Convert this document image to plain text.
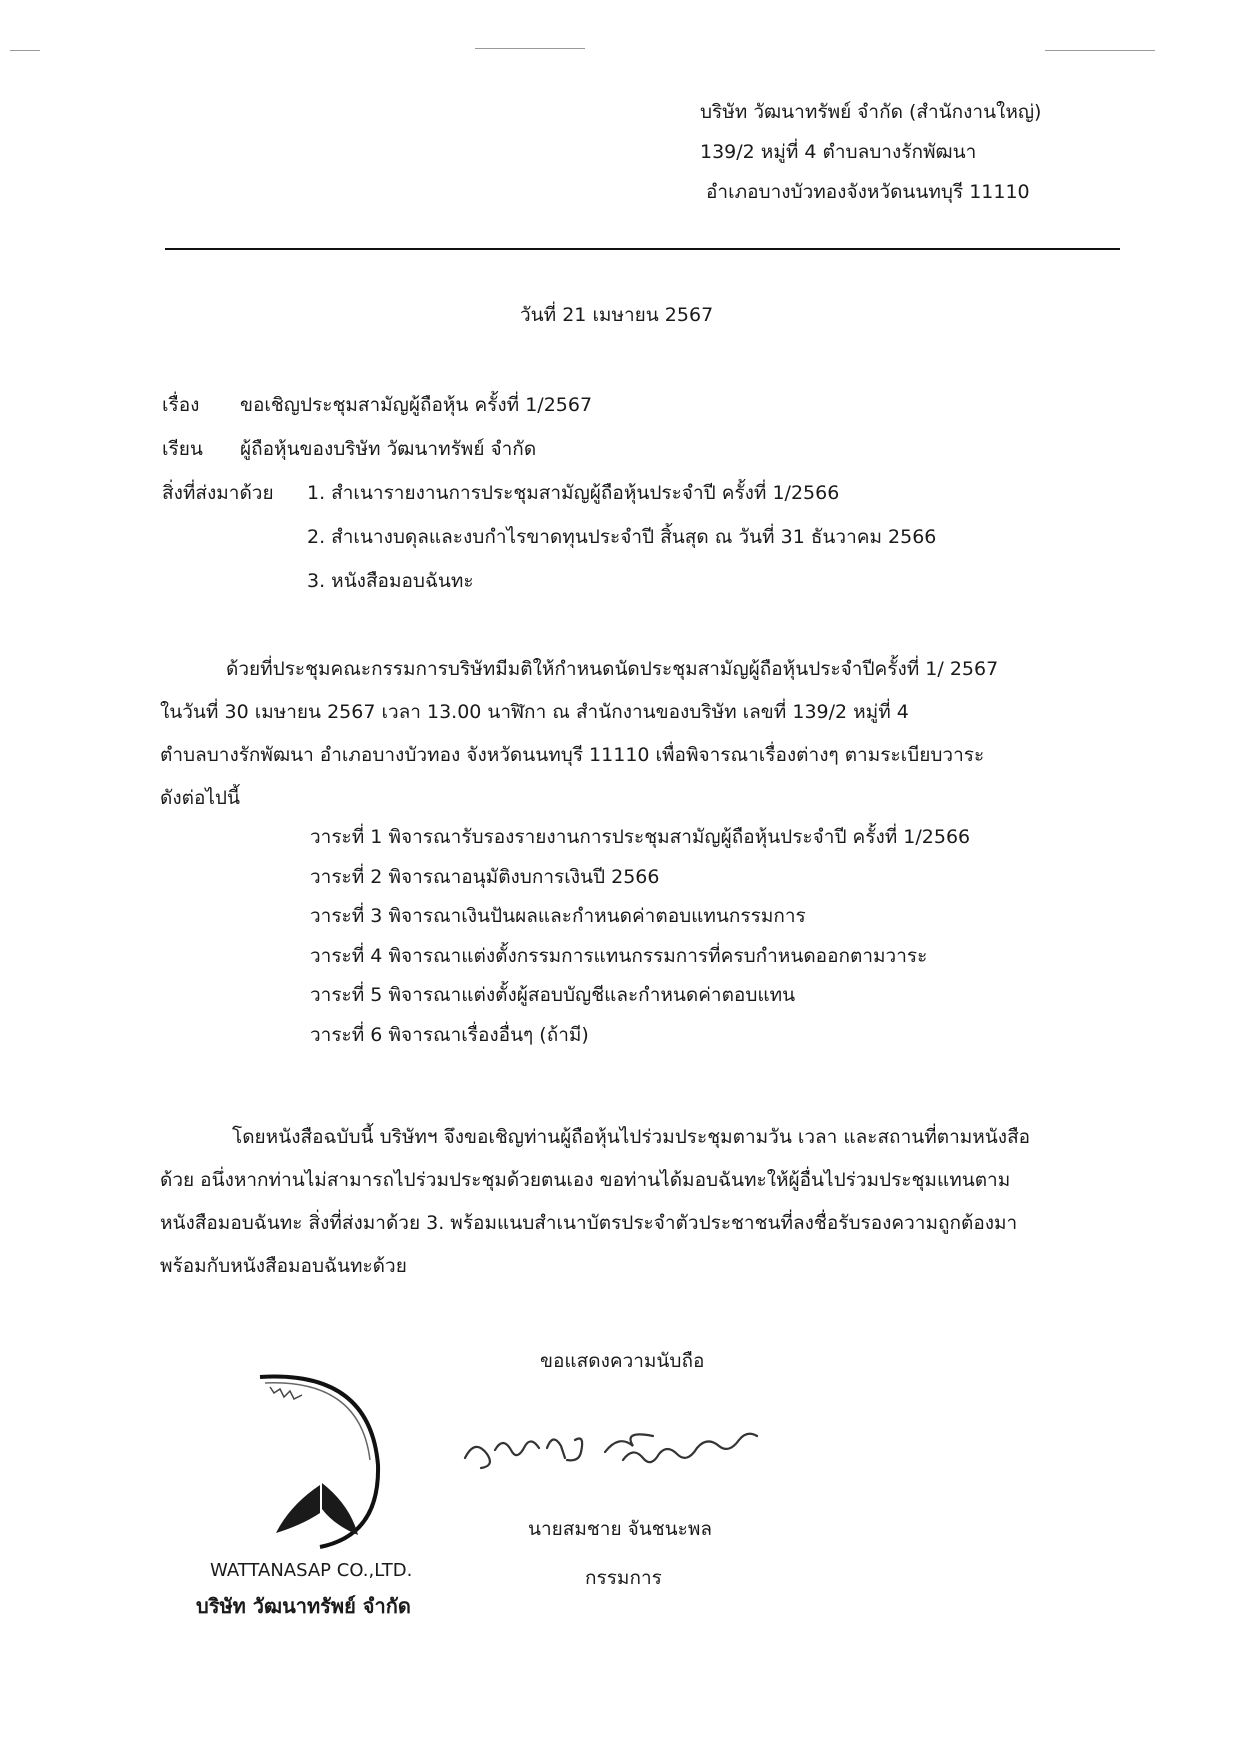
บริษัท วัฒนาทรัพย์ จำกัด (สำนักงานใหญ่)
139/2 หมู่ที่ 4 ตำบลบางรักพัฒนา
อำเภอบางบัวทองจังหวัดนนทบุรี 11110
วันที่ 21 เมษายน 2567
เรื่อง ขอเชิญประชุมสามัญผู้ถือหุ้น ครั้งที่ 1/2567
เรียน ผู้ถือหุ้นของบริษัท วัฒนาทรัพย์ จำกัด
สิ่งที่ส่งมาด้วย 1. สำเนารายงานการประชุมสามัญผู้ถือหุ้นประจำปี ครั้งที่ 1/2566
2. สำเนางบดุลและงบกำไรขาดทุนประจำปี สิ้นสุด ณ วันที่ 31 ธันวาคม 2566
3. หนังสือมอบฉันทะ

ด้วยที่ประชุมคณะกรรมการบริษัทมีมติให้กำหนดนัดประชุมสามัญผู้ถือหุ้นประจำปีครั้งที่ 1/ 2567

ในวันที่ 30 เมษายน 2567 เวลา 13.00 นาฬิกา ณ สำนักงานของบริษัท เลขที่ 139/2 หมู่ที่ 4

ตำบลบางรักพัฒนา อำเภอบางบัวทอง จังหวัดนนทบุรี 11110 เพื่อพิจารณาเรื่องต่างๆ ตามระเบียบวาระ

ดังต่อไปนี้

วาระที่ 1 พิจารณารับรองรายงานการประชุมสามัญผู้ถือหุ้นประจำปี ครั้งที่ 1/2566
วาระที่ 2 พิจารณาอนุมัติงบการเงินปี 2566
วาระที่ 3 พิจารณาเงินปันผลและกำหนดค่าตอบแทนกรรมการ
วาระที่ 4 พิจารณาแต่งตั้งกรรมการแทนกรรมการที่ครบกำหนดออกตามวาระ
วาระที่ 5 พิจารณาแต่งตั้งผู้สอบบัญชีและกำหนดค่าตอบแทน
วาระที่ 6 พิจารณาเรื่องอื่นๆ (ถ้ามี)

โดยหนังสือฉบับนี้ บริษัทฯ จึงขอเชิญท่านผู้ถือหุ้นไปร่วมประชุมตามวัน เวลา และสถานที่ตามหนังสือ

ด้วย อนึ่งหากท่านไม่สามารถไปร่วมประชุมด้วยตนเอง ขอท่านได้มอบฉันทะให้ผู้อื่นไปร่วมประชุมแทนตาม

หนังสือมอบฉันทะ สิ่งที่ส่งมาด้วย 3. พร้อมแนบสำเนาบัตรประจำตัวประชาชนที่ลงชื่อรับรองความถูกต้องมา

พร้อมกับหนังสือมอบฉันทะด้วย

ขอแสดงความนับถือ
นายสมชาย จันชนะพล
กรรมการ
WATTANASAP CO.,LTD.
บริษัท วัฒนาทรัพย์ จำกัด
